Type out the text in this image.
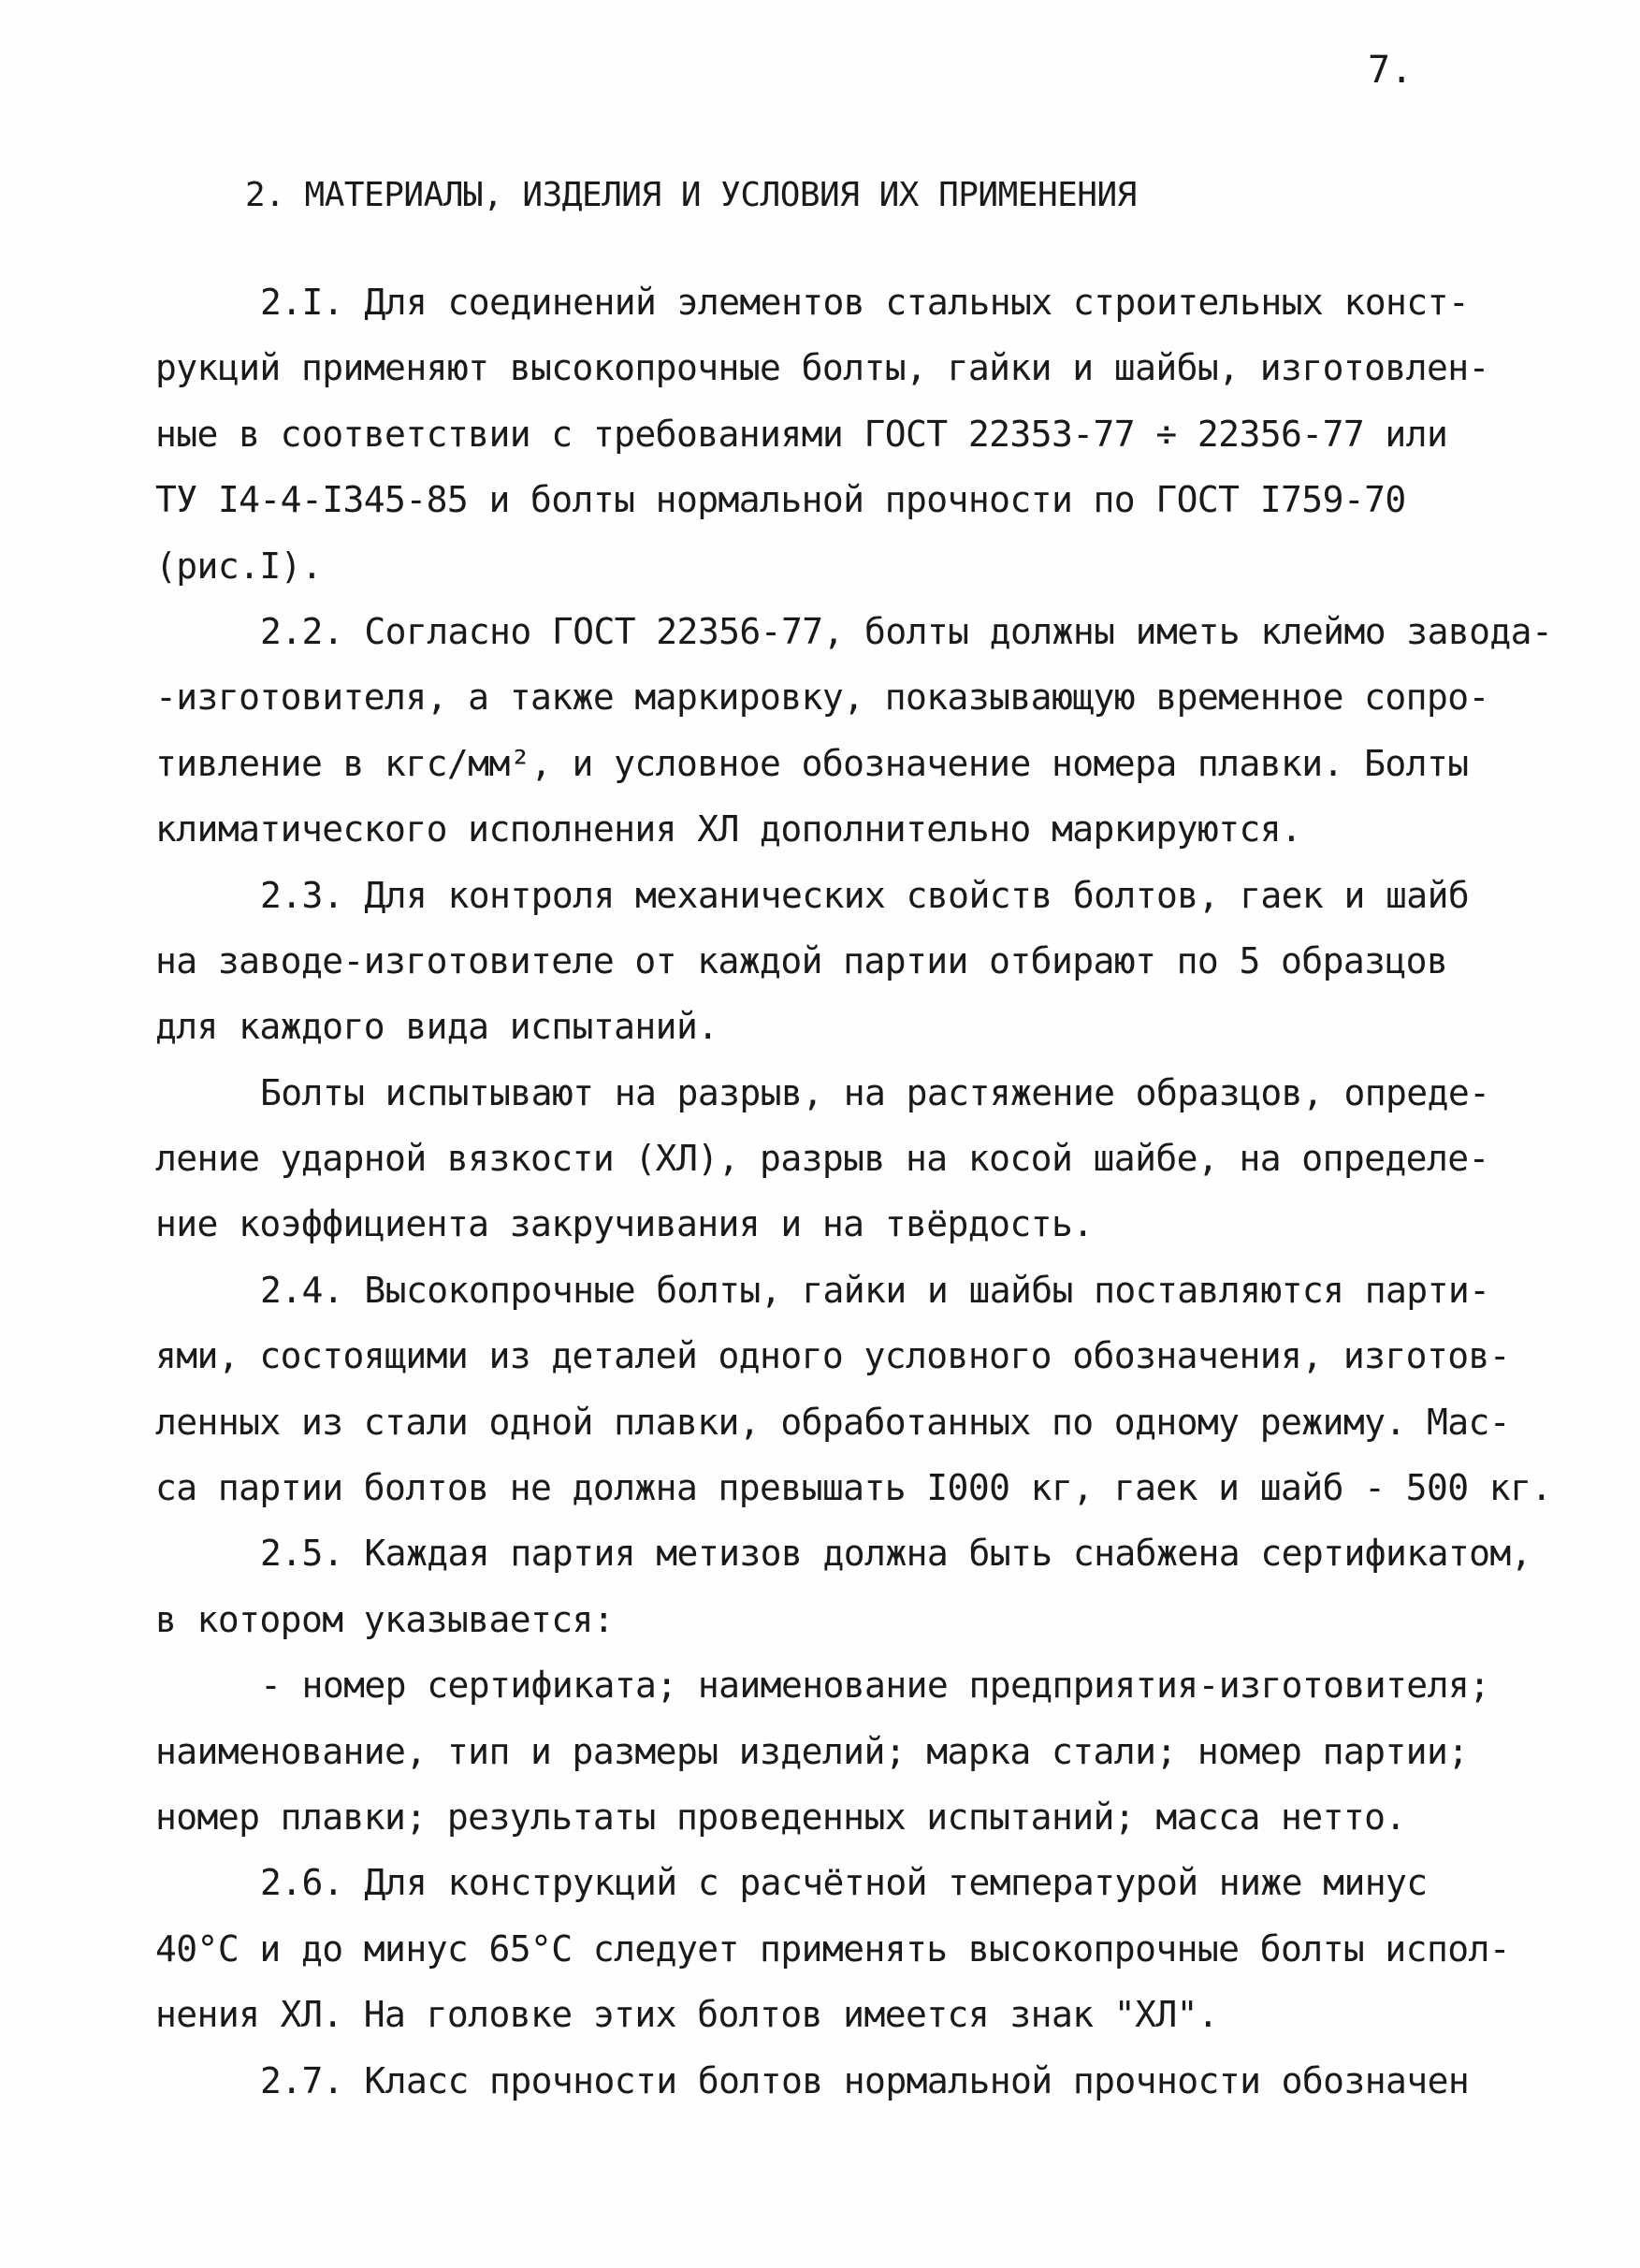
7.
2. МАТЕРИАЛЫ, ИЗДЕЛИЯ И УСЛОВИЯ ИХ ПРИМЕНЕНИЯ
2.I. Для соединений элементов стальных строительных конст-
рукций применяют высокопрочные болты, гайки и шайбы, изготовлен-
ные в соответствии с требованиями ГОСТ 22353-77 ÷ 22356-77 или
ТУ I4-4-I345-85 и болты нормальной прочности по ГОСТ I759-70
(рис.I).
2.2. Согласно ГОСТ 22356-77, болты должны иметь клеймо завода-
-изготовителя, а также маркировку, показывающую временное сопро-
тивление в кгс/мм², и условное обозначение номера плавки. Болты
климатического исполнения ХЛ дополнительно маркируются.
2.3. Для контроля механических свойств болтов, гаек и шайб
на заводе-изготовителе от каждой партии отбирают по 5 образцов
для каждого вида испытаний.
Болты испытывают на разрыв, на растяжение образцов, опреде-
ление ударной вязкости (ХЛ), разрыв на косой шайбе, на определе-
ние коэффициента закручивания и на твёрдость.
2.4. Высокопрочные болты, гайки и шайбы поставляются парти-
ями, состоящими из деталей одного условного обозначения, изготов-
ленных из стали одной плавки, обработанных по одному режиму. Мас-
са партии болтов не должна превышать I000 кг, гаек и шайб - 500 кг.
2.5. Каждая партия метизов должна быть снабжена сертификатом,
в котором указывается:
- номер сертификата; наименование предприятия-изготовителя;
наименование, тип и размеры изделий; марка стали; номер партии;
номер плавки; результаты проведенных испытаний; масса нетто.
2.6. Для конструкций с расчётной температурой ниже минус
40°С и до минус 65°С следует применять высокопрочные болты испол-
нения ХЛ. На головке этих болтов имеется знак "ХЛ".
2.7. Класс прочности болтов нормальной прочности обозначен
